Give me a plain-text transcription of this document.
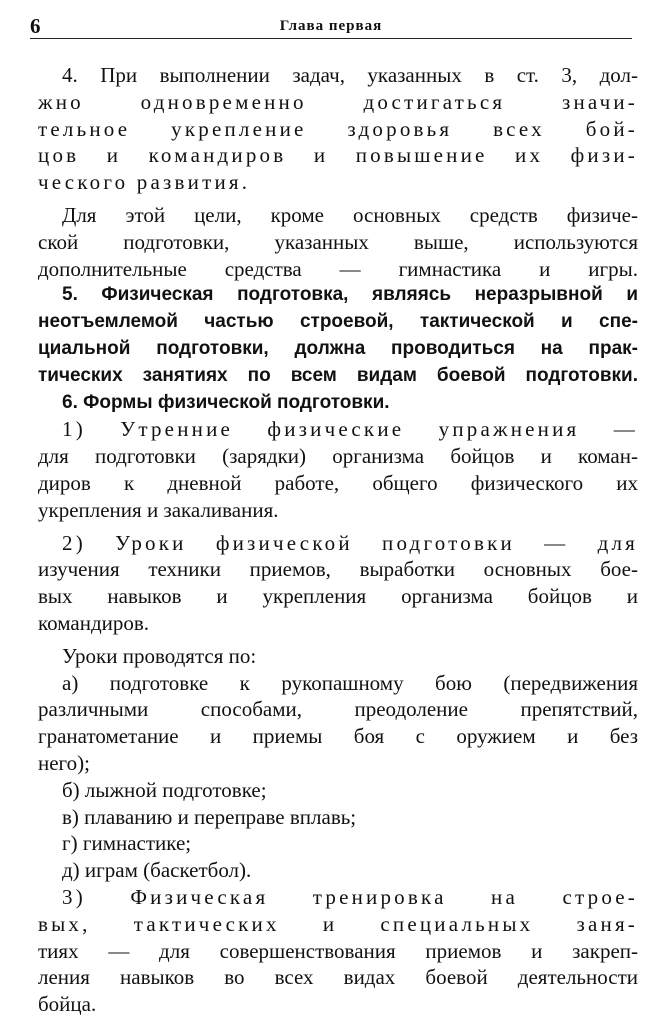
6	Глава первая
4. При выполнении задач, указанных в ст. 3, дол-
жно одновременно достигаться значи-
тельное укрепление здоровья всех бой-
цов и командиров и повышение их физи-
ческого развития.
Для этой цели, кроме основных средств физиче-
ской подготовки, указанных выше, используются
дополнительные средства — гимнастика и игры.
5. Физическая подготовка, являясь неразрывной и
неотъемлемой частью строевой, тактической и спе-
циальной подготовки, должна проводиться на прак-
тических занятиях по всем видам боевой подготовки.
6. Формы физической подготовки.
1) Утренние физические упражнения —
для подготовки (зарядки) организма бойцов и коман-
диров к дневной работе, общего физического их
укрепления и закаливания.
2) Уроки физической подготовки — для
изучения техники приемов, выработки основных бое-
вых навыков и укрепления организма бойцов и
командиров.
Уроки проводятся по:
а) подготовке к рукопашному бою (передвижения
различными способами, преодоление препятствий,
гранатометание и приемы боя с оружием и без
него);
б) лыжной подготовке;
в) плаванию и переправе вплавь;
г) гимнастике;
д) играм (баскетбол).
3) Физическая тренировка на строе-
вых, тактических и специальных заня-
тиях — для совершенствования приемов и закреп-
ления навыков во всех видах боевой деятельности
бойца.
